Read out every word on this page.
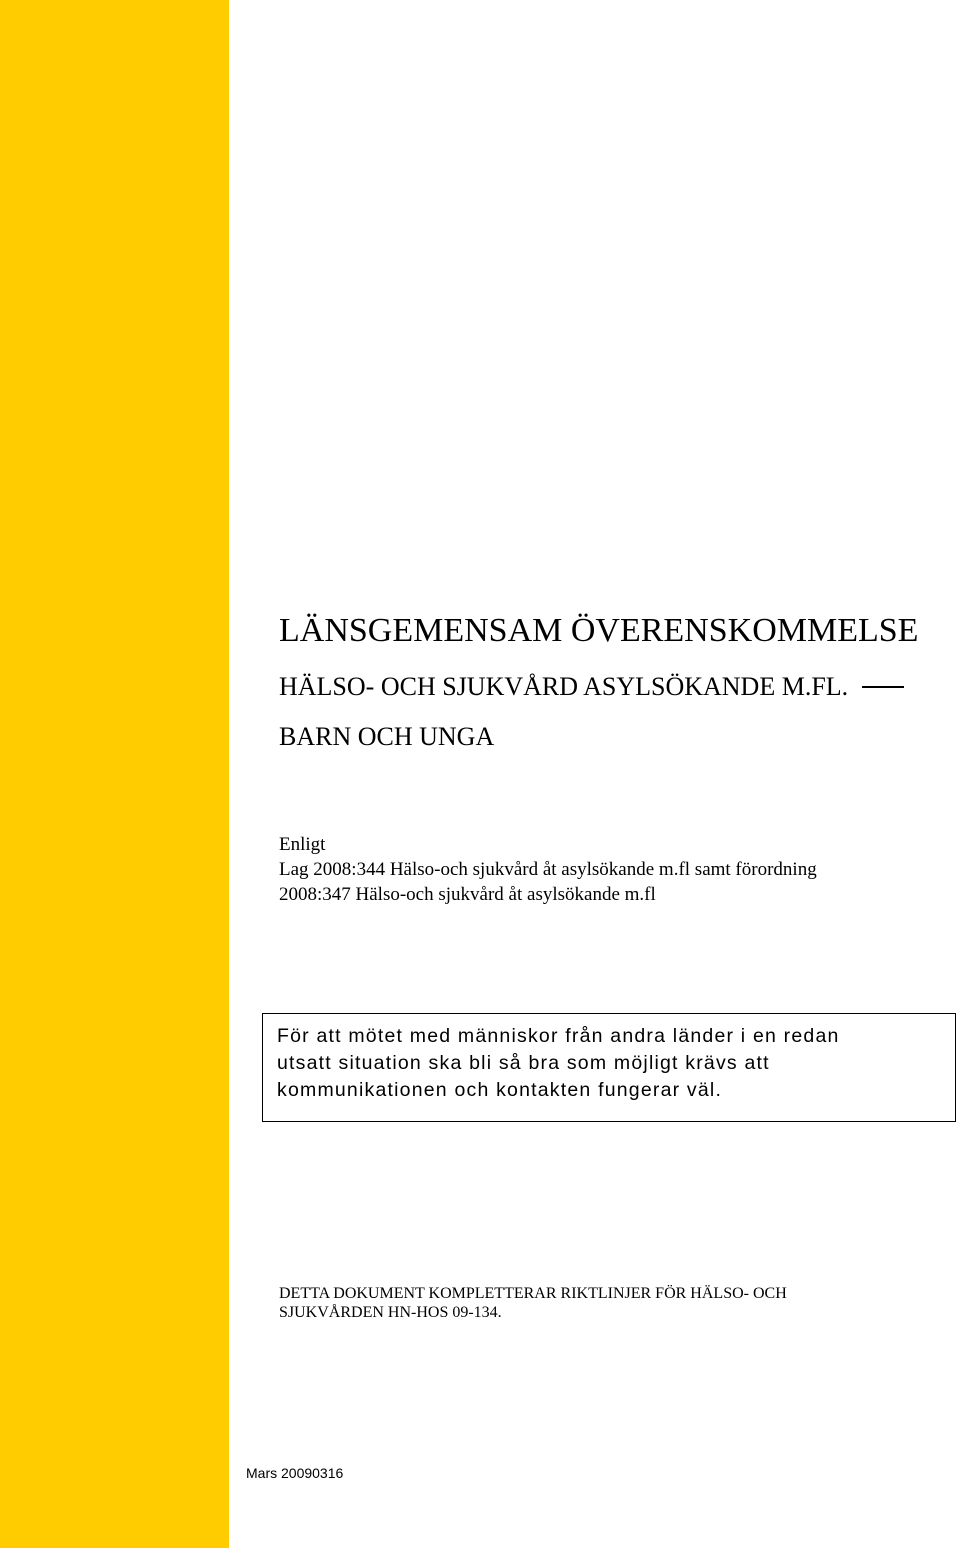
LÄNSGEMENSAM ÖVERENSKOMMELSE
HÄLSO- OCH SJUKVÅRD ASYLSÖKANDE M.FL.
BARN OCH UNGA
Enligt
Lag 2008:344 Hälso-och sjukvård åt asylsökande m.fl samt förordning
2008:347 Hälso-och sjukvård åt asylsökande m.fl
För att mötet med människor från andra länder i en redan
utsatt situation ska bli så bra som möjligt krävs att
kommunikationen och kontakten fungerar väl.
DETTA DOKUMENT KOMPLETTERAR RIKTLINJER FÖR HÄLSO- OCH
SJUKVÅRDEN HN-HOS 09-134.
Mars 20090316
